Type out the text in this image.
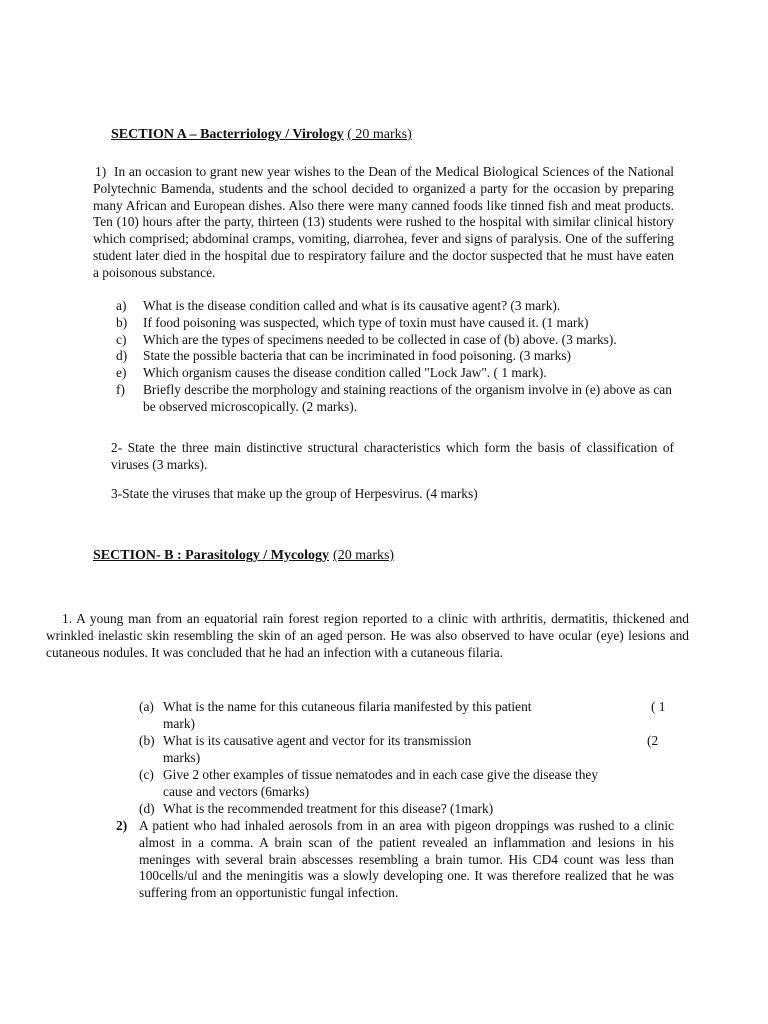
SECTION A – Bacterriology / Virology ( 20 marks)

1) In an occasion to grant new year wishes to the Dean of the Medical Biological Sciences of the National Polytechnic Bamenda, students and the school decided to organized a party for the occasion by preparing many African and European dishes. Also there were many canned foods like tinned fish and meat products. Ten (10) hours after the party, thirteen (13) students were rushed to the hospital with similar clinical history which comprised; abdominal cramps, vomiting, diarrohea, fever and signs of paralysis. One of the suffering student later died in the hospital due to respiratory failure and the doctor suspected that he must have eaten a poisonous substance.

a) What is the disease condition called and what is its causative agent? (3 mark).
b) If food poisoning was suspected, which type of toxin must have caused it. (1 mark)
c) Which are the types of specimens needed to be collected in case of (b) above. (3 marks).
d) State the possible bacteria that can be incriminated in food poisoning. (3 marks)
e) Which organism causes the disease condition called "Lock Jaw". ( 1 mark).
f) Briefly describe the morphology and staining reactions of the organism involve in (e) above as can be observed microscopically. (2 marks).

2- State the three main distinctive structural characteristics which form the basis of classification of viruses (3 marks).

3-State the viruses that make up the group of Herpesvirus. (4 marks)

SECTION- B : Parasitology / Mycology (20 marks)

1. A young man from an equatorial rain forest region reported to a clinic with arthritis, dermatitis, thickened and wrinkled inelastic skin resembling the skin of an aged person. He was also observed to have ocular (eye) lesions and cutaneous nodules. It was concluded that he had an infection with a cutaneous filaria.

(a) What is the name for this cutaneous filaria manifested by this patient	( 1
mark)
(b) What is its causative agent and vector for its transmission	(2
marks)
(c) Give 2 other examples of tissue nematodes and in each case give the disease they
cause and vectors (6marks)
(d) What is the recommended treatment for this disease? (1mark)
2) A patient who had inhaled aerosols from in an area with pigeon droppings was rushed to a clinic almost in a comma. A brain scan of the patient revealed an inflammation and lesions in his meninges with several brain abscesses resembling a brain tumor. His CD4 count was less than 100cells/ul and the meningitis was a slowly developing one. It was therefore realized that he was suffering from an opportunistic fungal infection.
